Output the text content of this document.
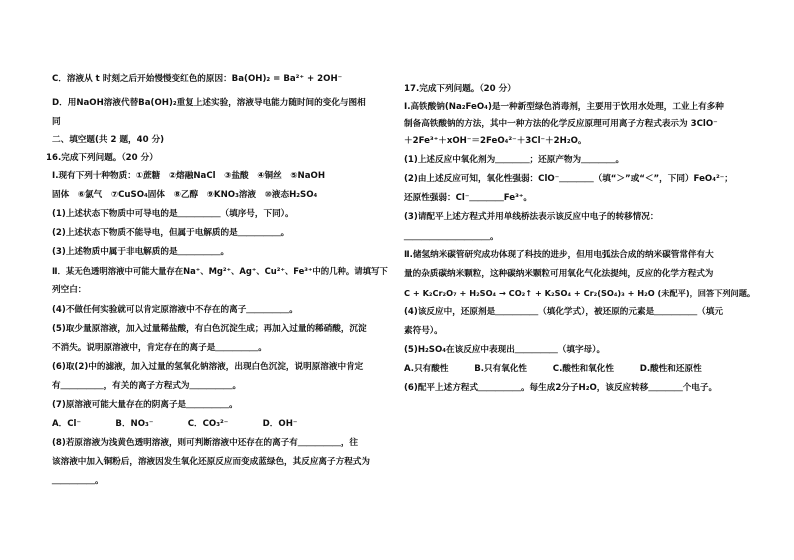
C．溶液从 t 时刻之后开始慢慢变红色的原因：Ba(OH)₂ = Ba²⁺ + 2OH⁻
D．用NaOH溶液代替Ba(OH)₂重复上述实验，溶液导电能力随时间的变化与图相
同
二、填空题(共 2 题，40 分)
16.完成下列问题。（20 分）
Ⅰ.现有下列十种物质：①蔗糖　②熔融NaCl　③盐酸　④铜丝　⑤NaOH
固体　⑥氯气　⑦CuSO₄固体　⑧乙醇　⑨KNO₃溶液　⑩液态H₂SO₄
(1)上述状态下物质中可导电的是＿＿＿＿＿（填序号，下同）。
(2)上述状态下物质不能导电，但属于电解质的是＿＿＿＿＿。
(3)上述物质中属于非电解质的是＿＿＿＿＿。
Ⅱ．某无色透明溶液中可能大量存在Na⁺、Mg²⁺、Ag⁺、Cu²⁺、Fe³⁺中的几种。请填写下
列空白：
(4)不做任何实验就可以肯定原溶液中不存在的离子＿＿＿＿＿。
(5)取少量原溶液，加入过量稀盐酸，有白色沉淀生成；再加入过量的稀硝酸，沉淀
不消失。说明原溶液中，肯定存在的离子是＿＿＿＿＿。
(6)取(2)中的滤液，加入过量的氢氧化钠溶液，出现白色沉淀，说明原溶液中肯定
有＿＿＿＿＿，有关的离子方程式为＿＿＿＿＿。
(7)原溶液可能大量存在的阴离子是＿＿＿＿＿。
A．Cl⁻　　　　B．NO₃⁻　　　　C．CO₃²⁻　　　　D．OH⁻
(8)若原溶液为浅黄色透明溶液，则可判断溶液中还存在的离子有＿＿＿＿＿，往
该溶液中加入铜粉后，溶液因发生氧化还原反应而变成蓝绿色，其反应离子方程式为
＿＿＿＿＿。
17.完成下列问题。（20 分）
Ⅰ.高铁酸钠(Na₂FeO₄)是一种新型绿色消毒剂，主要用于饮用水处理，工业上有多种
制备高铁酸钠的方法，其中一种方法的化学反应原理可用离子方程式表示为 3ClO⁻
＋2Fe³⁺＋xOH⁻＝2FeO₄²⁻＋3Cl⁻＋2H₂O。
(1)上述反应中氧化剂为＿＿＿＿；还原产物为＿＿＿＿。
(2)由上述反应可知，氧化性强弱：ClO⁻＿＿＿＿（填“＞”或“＜”，下同）FeO₄²⁻；
还原性强弱：Cl⁻＿＿＿＿Fe³⁺。
(3)请配平上述方程式并用单线桥法表示该反应中电子的转移情况：
＿＿＿＿＿＿＿＿＿＿。
Ⅱ.储氢纳米碳管研究成功体现了科技的进步，但用电弧法合成的纳米碳管常伴有大
量的杂质碳纳米颗粒，这种碳纳米颗粒可用氧化气化法提纯，反应的化学方程式为
C + K₂Cr₂O₇ + H₂SO₄ → CO₂↑ + K₂SO₄ + Cr₂(SO₄)₃ + H₂O (未配平)，回答下列问题。
(4)该反应中，还原剂是＿＿＿＿＿（填化学式），被还原的元素是＿＿＿＿＿（填元
素符号）。
(5)H₂SO₄在该反应中表现出＿＿＿＿＿（填字母）。
A.只有酸性　　　B.只有氧化性　　　C.酸性和氧化性　　　D.酸性和还原性
(6)配平上述方程式＿＿＿＿＿。每生成2分子H₂O，该反应转移＿＿＿＿个电子。
